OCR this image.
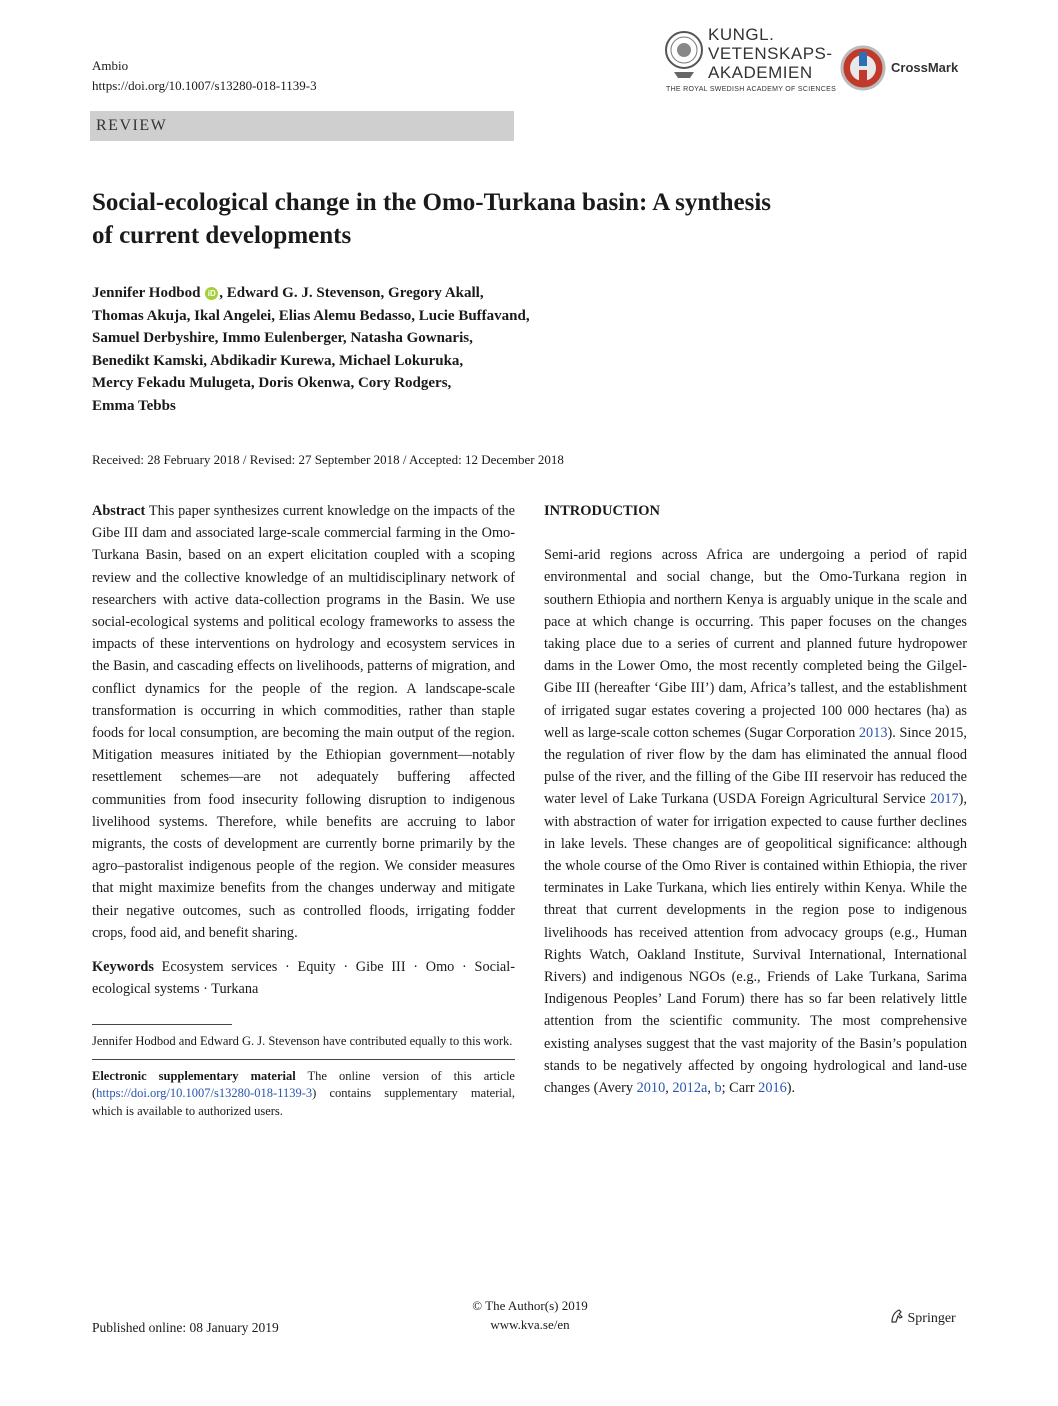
Ambio
https://doi.org/10.1007/s13280-018-1139-3
REVIEW
KUNGL.
VETENSKAPS-
AKADEMIEN
THE ROYAL SWEDISH ACADEMY OF SCIENCES
CrossMark
Social-ecological change in the Omo-Turkana basin: A synthesis
of current developments
Jennifer Hodbod iD , Edward G. J. Stevenson, Gregory Akall,
Thomas Akuja, Ikal Angelei, Elias Alemu Bedasso, Lucie Buffavand,
Samuel Derbyshire, Immo Eulenberger, Natasha Gownaris,
Benedikt Kamski, Abdikadir Kurewa, Michael Lokuruka,
Mercy Fekadu Mulugeta, Doris Okenwa, Cory Rodgers,
Emma Tebbs
Received: 28 February 2018 / Revised: 27 September 2018 / Accepted: 12 December 2018
Abstract This paper synthesizes current knowledge on the impacts of the Gibe III dam and associated large-scale commercial farming in the Omo-Turkana Basin, based on an expert elicitation coupled with a scoping review and the collective knowledge of an multidisciplinary network of researchers with active data-collection programs in the Basin. We use social-ecological systems and political ecology frameworks to assess the impacts of these interventions on hydrology and ecosystem services in the Basin, and cascading effects on livelihoods, patterns of migration, and conflict dynamics for the people of the region. A landscape-scale transformation is occurring in which commodities, rather than staple foods for local consumption, are becoming the main output of the region. Mitigation measures initiated by the Ethiopian government—notably resettlement schemes—are not adequately buffering affected communities from food insecurity following disruption to indigenous livelihood systems. Therefore, while benefits are accruing to labor migrants, the costs of development are currently borne primarily by the agro–pastoralist indigenous people of the region. We consider measures that might maximize benefits from the changes underway and mitigate their negative outcomes, such as controlled floods, irrigating fodder crops, food aid, and benefit sharing.
Keywords Ecosystem services · Equity · Gibe III · Omo · Social-ecological systems · Turkana
Jennifer Hodbod and Edward G. J. Stevenson have contributed equally to this work.
Electronic supplementary material The online version of this article (https://doi.org/10.1007/s13280-018-1139-3) contains supplementary material, which is available to authorized users.
INTRODUCTION
Semi-arid regions across Africa are undergoing a period of rapid environmental and social change, but the Omo-Turkana region in southern Ethiopia and northern Kenya is arguably unique in the scale and pace at which change is occurring. This paper focuses on the changes taking place due to a series of current and planned future hydropower dams in the Lower Omo, the most recently completed being the Gilgel-Gibe III (hereafter ‘Gibe III’) dam, Africa’s tallest, and the establishment of irrigated sugar estates covering a projected 100 000 hectares (ha) as well as large-scale cotton schemes (Sugar Corporation 2013). Since 2015, the regulation of river flow by the dam has eliminated the annual flood pulse of the river, and the filling of the Gibe III reservoir has reduced the water level of Lake Turkana (USDA Foreign Agricultural Service 2017), with abstraction of water for irrigation expected to cause further declines in lake levels. These changes are of geopolitical significance: although the whole course of the Omo River is contained within Ethiopia, the river terminates in Lake Turkana, which lies entirely within Kenya. While the threat that current developments in the region pose to indigenous livelihoods has received attention from advocacy groups (e.g., Human Rights Watch, Oakland Institute, Survival International, International Rivers) and indigenous NGOs (e.g., Friends of Lake Turkana, Sarima Indigenous Peoples’ Land Forum) there has so far been relatively little attention from the scientific community. The most comprehensive existing analyses suggest that the vast majority of the Basin’s population stands to be negatively affected by ongoing hydrological and land-use changes (Avery 2010, 2012a, b; Carr 2016).
© The Author(s) 2019
www.kva.se/en
Published online: 08 January 2019
Springer
